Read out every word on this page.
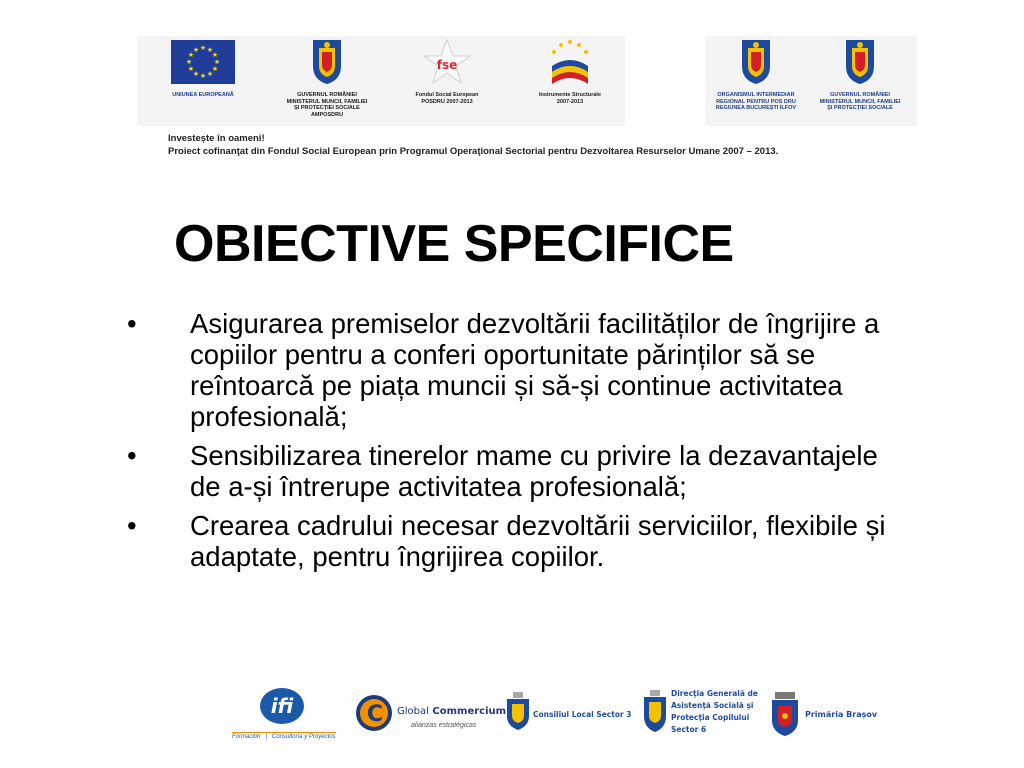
★ ★
★
★
★
★
★
★
★
★
★
★
UNIUNEA EUROPEANĂ	GUVERNUL ROMÂNIEI
MINISTERUL MUNCII, FAMILIEI
ȘI PROTECȚIEI SOCIALE
AMPOSDRU
fse
Fondul Social European
POSDRU 2007-2013
Instrumente Structurale
2007-2013
ORGANISMUL INTERMEDIAR
REGIONAL PENTRU POS DRU
REGIUNEA BUCUREȘTI ILFOV
GUVERNUL ROMÂNIEI
MINISTERUL MUNCII, FAMILIEI
ȘI PROTECȚIEI SOCIALE
Investește în oameni!
Proiect cofinanţat din Fondul Social European prin Programul Operaţional Sectorial pentru Dezvoltarea Resurselor Umane 2007 – 2013.
OBIECTIVE SPECIFICE
• Asigurarea premiselor dezvoltării facilităților de îngrijire a copiilor pentru a conferi oportunitate părinților să se reîntoarcă pe piața muncii și să-și continue activitatea profesională;
• Sensibilizarea tinerelor mame cu privire la dezavantajele de a-și întrerupe activitatea profesională;
• Crearea cadrului necesar dezvoltării serviciilor, flexibile și adaptate, pentru îngrijirea copiilor.
ifi
Formación   |   Consultoría y Proyectos
C Global Commercium
alianzas estratégicas
Consiliul Local Sector 3
Direcţia Generală de
Asistenţă Socială şi
Protecţia Copilului
Sector 6
Primăria Brașov
